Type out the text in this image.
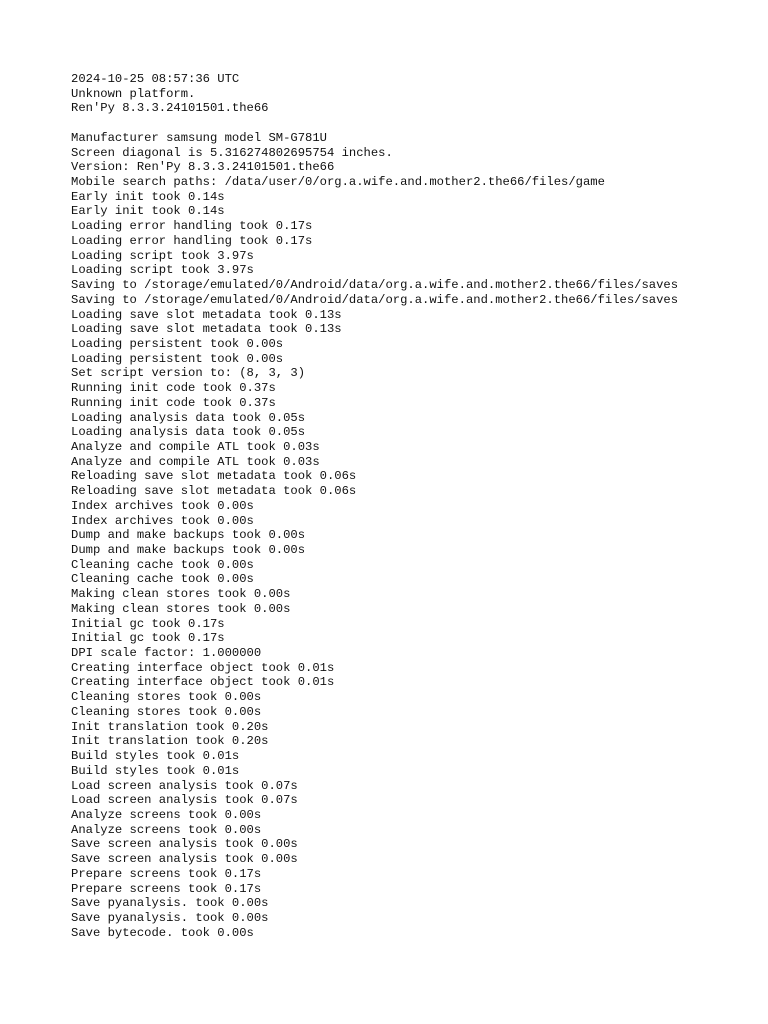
2024-10-25 08:57:36 UTC
Unknown platform.
Ren'Py 8.3.3.24101501.the66
Manufacturer samsung model SM-G781U
Screen diagonal is 5.316274802695754 inches.
Version: Ren'Py 8.3.3.24101501.the66
Mobile search paths: /data/user/0/org.a.wife.and.mother2.the66/files/game
Early init took 0.14s
Early init took 0.14s
Loading error handling took 0.17s
Loading error handling took 0.17s
Loading script took 3.97s
Loading script took 3.97s
Saving to /storage/emulated/0/Android/data/org.a.wife.and.mother2.the66/files/saves
Saving to /storage/emulated/0/Android/data/org.a.wife.and.mother2.the66/files/saves
Loading save slot metadata took 0.13s
Loading save slot metadata took 0.13s
Loading persistent took 0.00s
Loading persistent took 0.00s
Set script version to: (8, 3, 3)
Running init code took 0.37s
Running init code took 0.37s
Loading analysis data took 0.05s
Loading analysis data took 0.05s
Analyze and compile ATL took 0.03s
Analyze and compile ATL took 0.03s
Reloading save slot metadata took 0.06s
Reloading save slot metadata took 0.06s
Index archives took 0.00s
Index archives took 0.00s
Dump and make backups took 0.00s
Dump and make backups took 0.00s
Cleaning cache took 0.00s
Cleaning cache took 0.00s
Making clean stores took 0.00s
Making clean stores took 0.00s
Initial gc took 0.17s
Initial gc took 0.17s
DPI scale factor: 1.000000
Creating interface object took 0.01s
Creating interface object took 0.01s
Cleaning stores took 0.00s
Cleaning stores took 0.00s
Init translation took 0.20s
Init translation took 0.20s
Build styles took 0.01s
Build styles took 0.01s
Load screen analysis took 0.07s
Load screen analysis took 0.07s
Analyze screens took 0.00s
Analyze screens took 0.00s
Save screen analysis took 0.00s
Save screen analysis took 0.00s
Prepare screens took 0.17s
Prepare screens took 0.17s
Save pyanalysis. took 0.00s
Save pyanalysis. took 0.00s
Save bytecode. took 0.00s
